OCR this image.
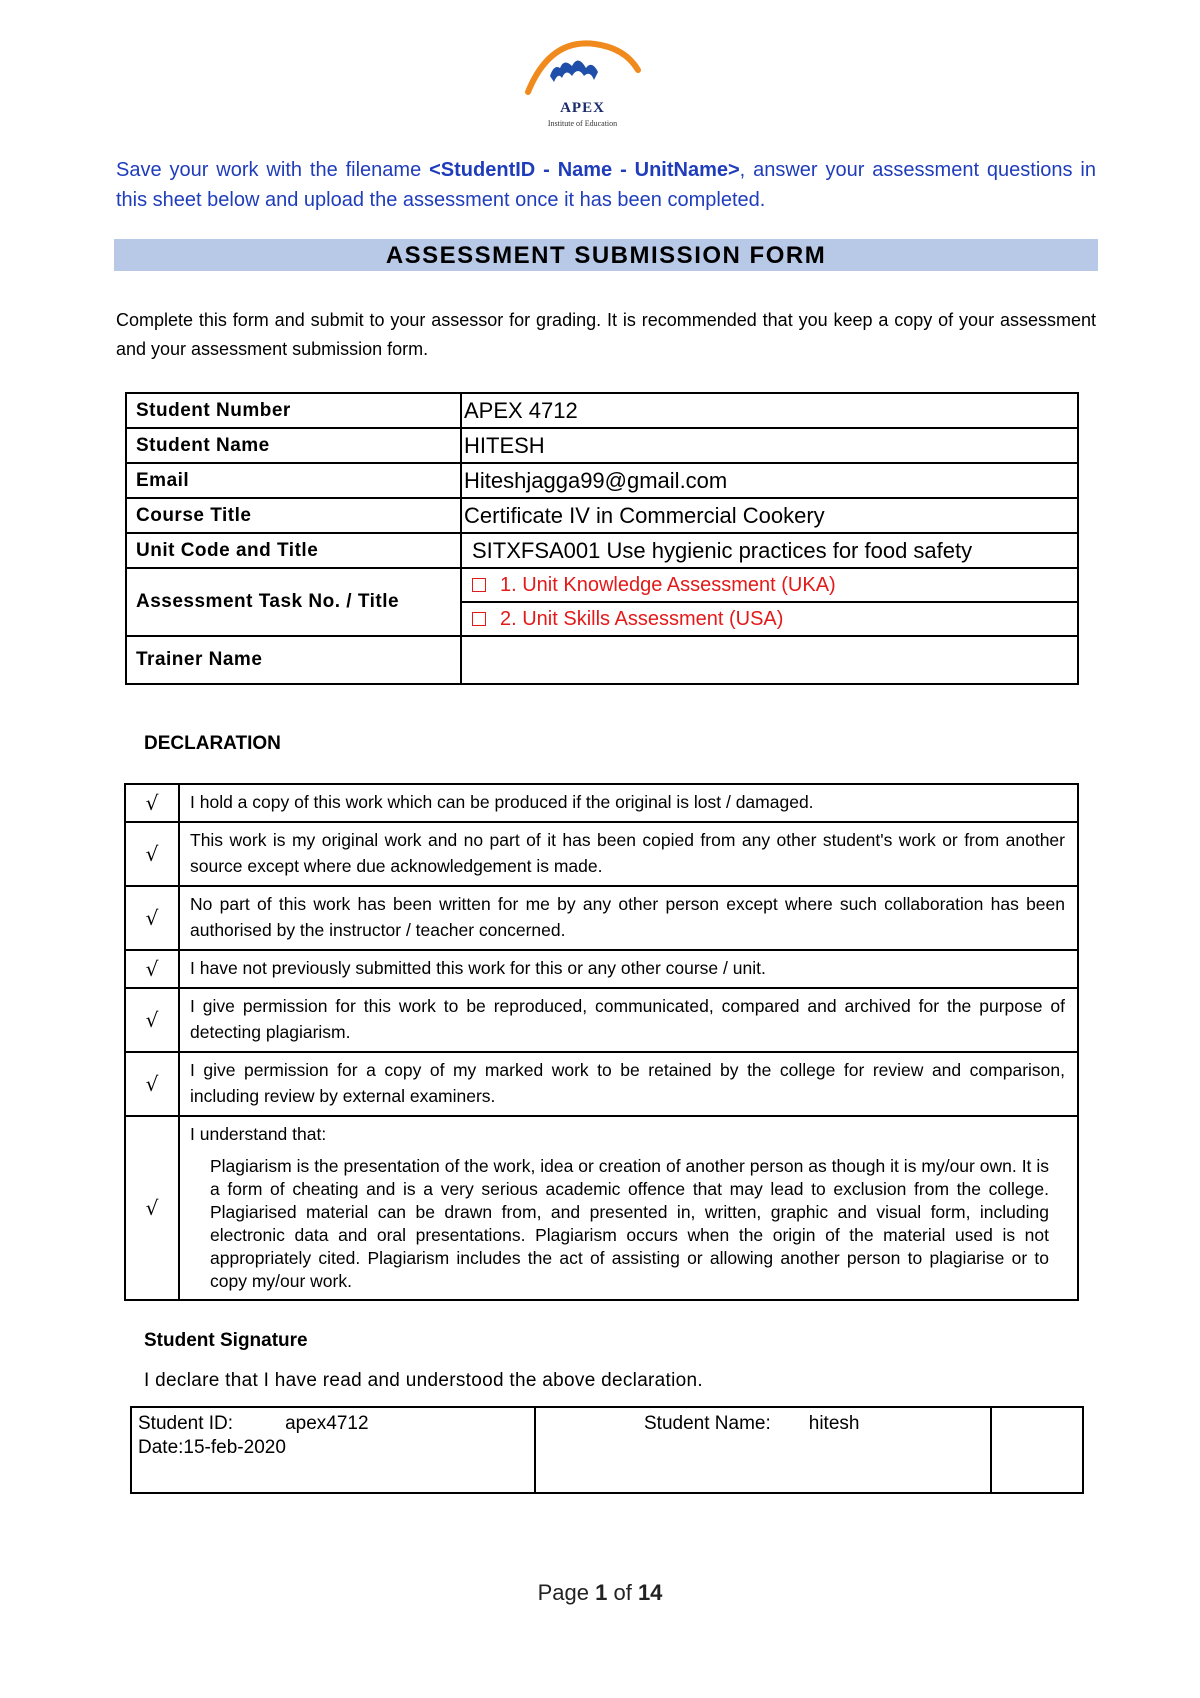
APEX
Institute of Education
Save your work with the filename <StudentID - Name - UnitName>, answer your assessment questions in this sheet below and upload the assessment once it has been completed.
ASSESSMENT SUBMISSION FORM
Complete this form and submit to your assessor for grading. It is recommended that you keep a copy of your assessment and your assessment submission form.
Student Number	APEX 4712
Student Name	HITESH
Email	Hiteshjagga99@gmail.com
Course Title	Certificate IV in Commercial Cookery
Unit Code and Title	SITXFSA001 Use hygienic practices for food safety
Assessment Task No. / Title	1. Unit Knowledge Assessment (UKA)
	2. Unit Skills Assessment (USA)
Trainer Name	
DECLARATION
√	I hold a copy of this work which can be produced if the original is lost / damaged.
√	This work is my original work and no part of it has been copied from any other student's work or from another source except where due acknowledgement is made.
√	No part of this work has been written for me by any other person except where such collaboration has been authorised by the instructor / teacher concerned.
√	I have not previously submitted this work for this or any other course / unit.
√	I give permission for this work to be reproduced, communicated, compared and archived for the purpose of detecting plagiarism.
√	I give permission for a copy of my marked work to be retained by the college for review and comparison, including review by external examiners.
√	I understand that:
Plagiarism is the presentation of the work, idea or creation of another person as though it is my/our own. It is a form of cheating and is a very serious academic offence that may lead to exclusion from the college. Plagiarised material can be drawn from, and presented in, written, graphic and visual form, including electronic data and oral presentations. Plagiarism occurs when the origin of the material used is not appropriately cited. Plagiarism includes the act of assisting or allowing another person to plagiarise or to copy my/our work.
Student Signature
I declare that I have read and understood the above declaration.
Student ID:	apex4712
Date:15-feb-2020
	Student Name: hitesh	
Page 1 of 14
